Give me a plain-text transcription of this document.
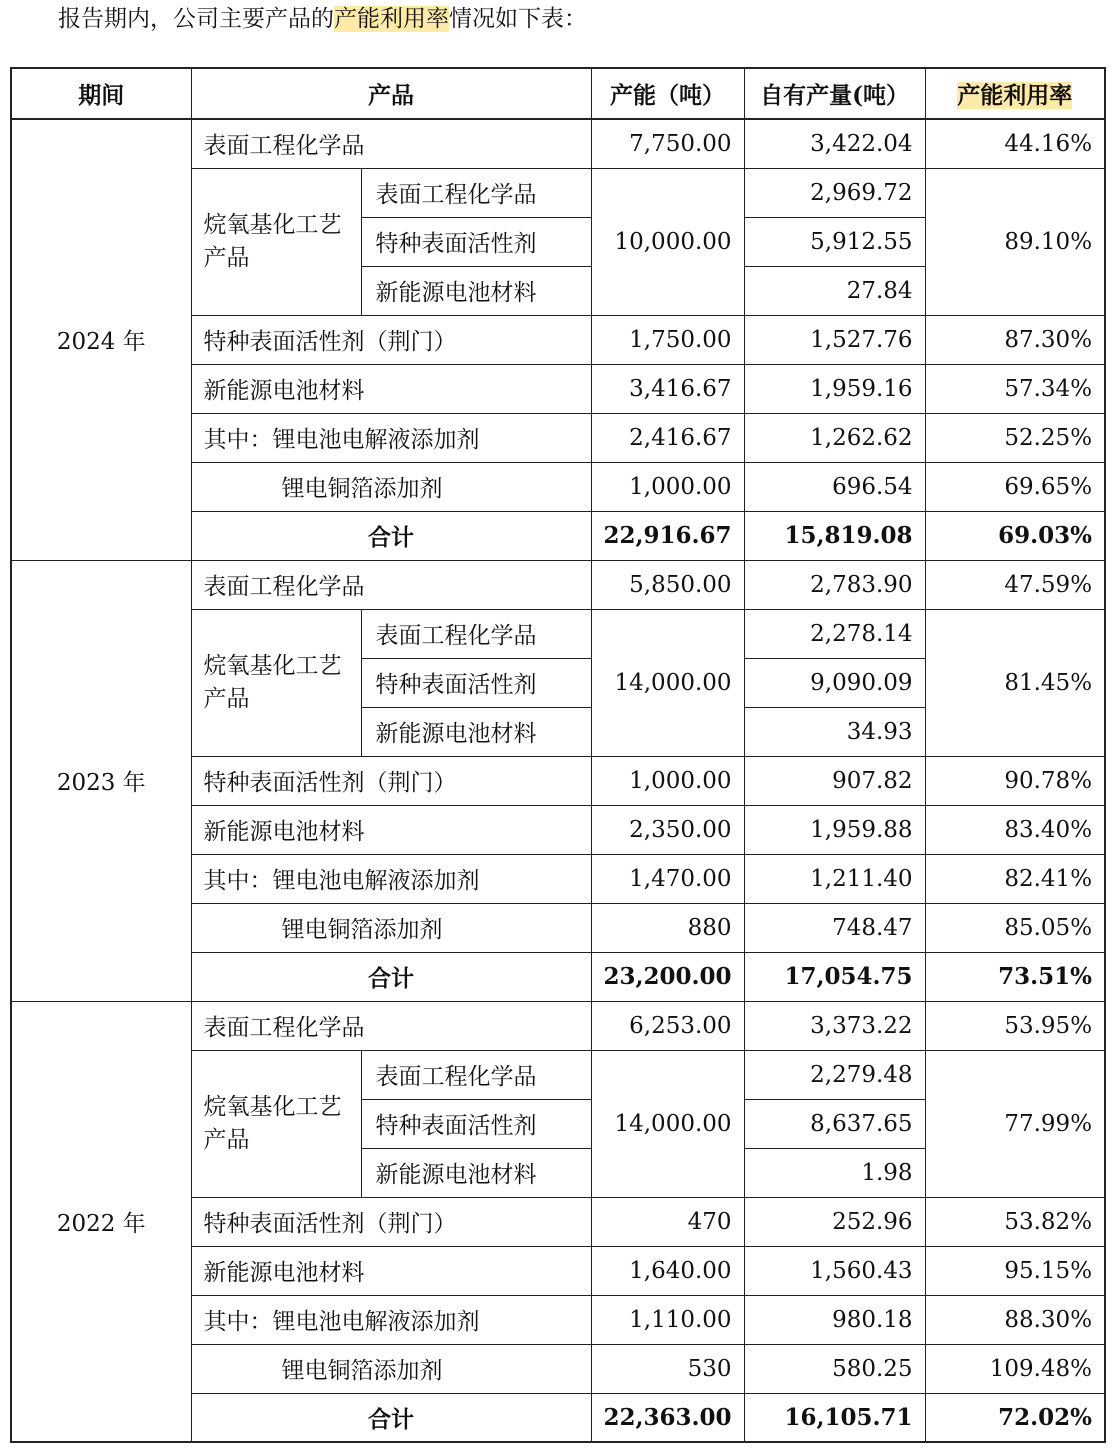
报告期内，公司主要产品的产能利用率情况如下表：
期间	产品		产能（吨）	自有产量(吨）	产能利用率
2024 年	表面工程化学品		7,750.00	3,422.04	44.16%
	烷氧基化工艺产品	表面工程化学品	10,000.00	2,969.72	89.10%
		特种表面活性剂		5,912.55	
		新能源电池材料		27.84	
	特种表面活性剂（荆门）		1,750.00	1,527.76	87.30%
	新能源电池材料		3,416.67	1,959.16	57.34%
	其中：锂电池电解液添加剂		2,416.67	1,262.62	52.25%
	锂电铜箔添加剂		1,000.00	696.54	69.65%
	合计		22,916.67	15,819.08	69.03%
2023 年	表面工程化学品		5,850.00	2,783.90	47.59%
	烷氧基化工艺产品	表面工程化学品	14,000.00	2,278.14	81.45%
		特种表面活性剂		9,090.09	
		新能源电池材料		34.93	
	特种表面活性剂（荆门）		1,000.00	907.82	90.78%
	新能源电池材料		2,350.00	1,959.88	83.40%
	其中：锂电池电解液添加剂		1,470.00	1,211.40	82.41%
	锂电铜箔添加剂		880	748.47	85.05%
	合计		23,200.00	17,054.75	73.51%
2022 年	表面工程化学品		6,253.00	3,373.22	53.95%
	烷氧基化工艺产品	表面工程化学品	14,000.00	2,279.48	77.99%
		特种表面活性剂		8,637.65	
		新能源电池材料		1.98	
	特种表面活性剂（荆门）		470	252.96	53.82%
	新能源电池材料		1,640.00	1,560.43	95.15%
	其中：锂电池电解液添加剂		1,110.00	980.18	88.30%
	锂电铜箔添加剂		530	580.25	109.48%
	合计		22,363.00	16,105.71	72.02%
